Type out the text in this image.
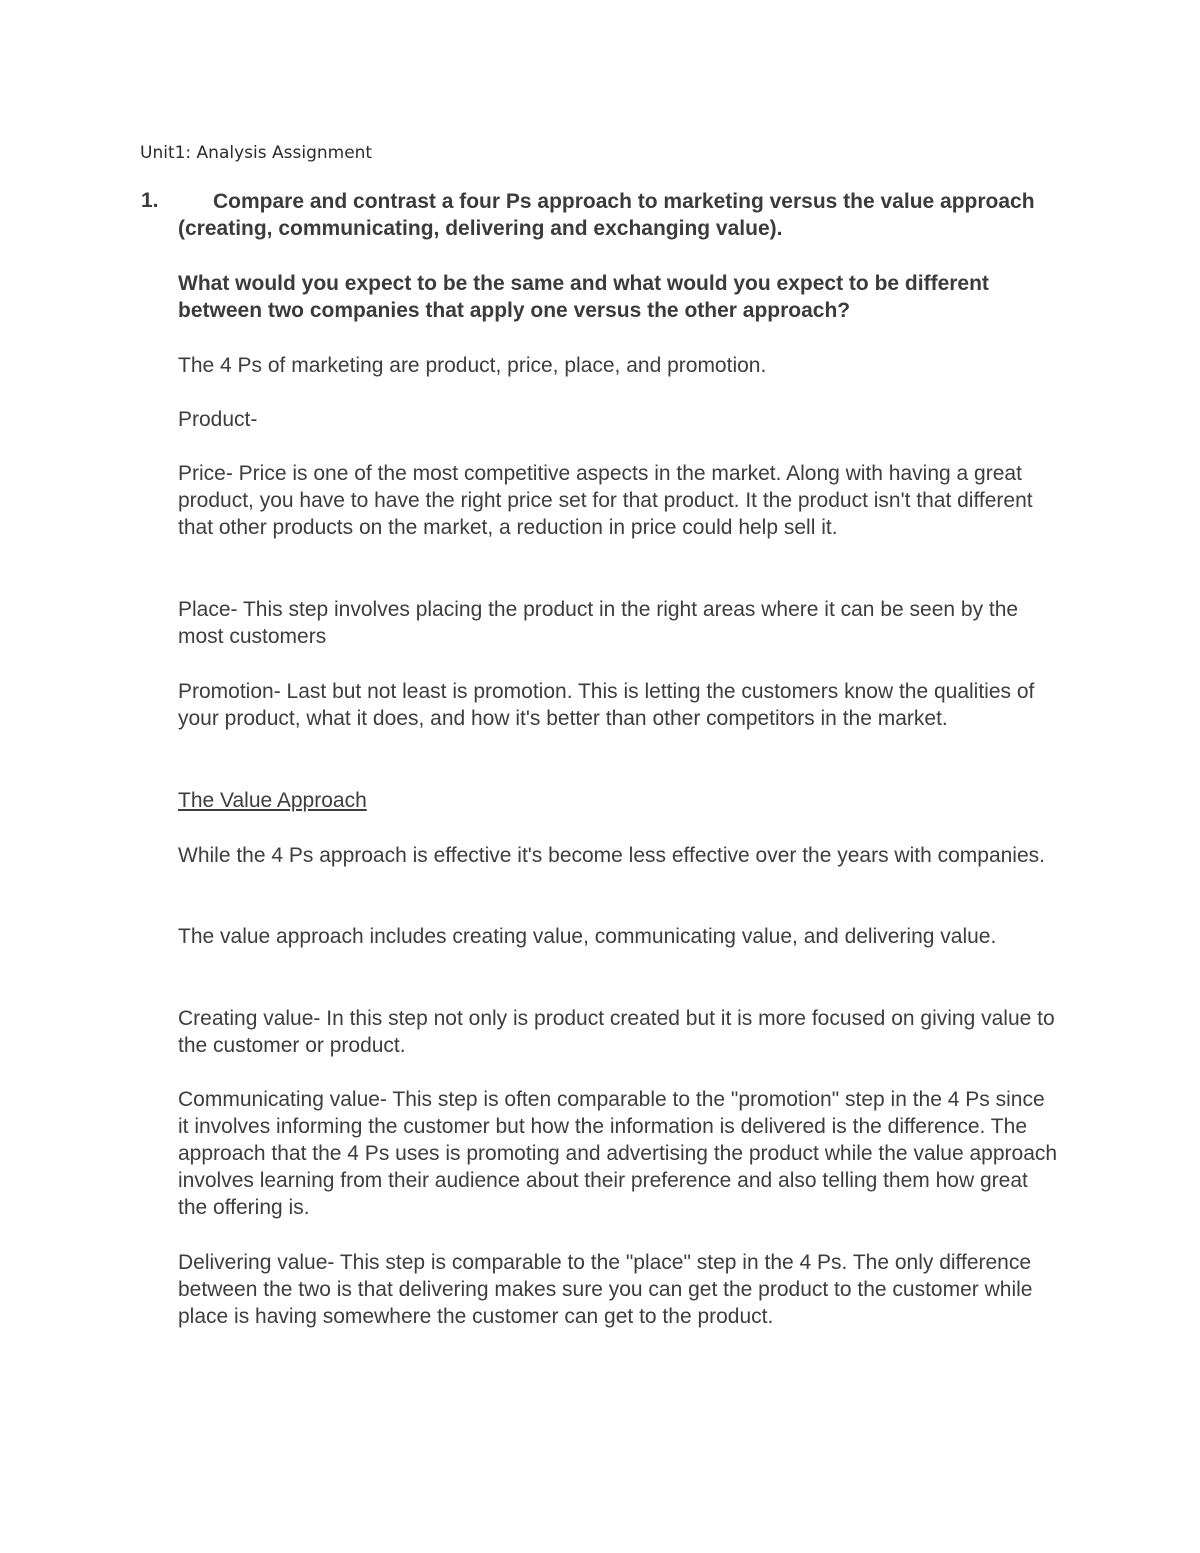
Unit1: Analysis Assignment
1.	Compare and contrast a four Ps approach to marketing versus the value approach (creating, communicating, delivering and exchanging value).
What would you expect to be the same and what would you expect to be different between two companies that apply one versus the other approach?
The 4 Ps of marketing are product, price, place, and promotion.
Product-
Price- Price is one of the most competitive aspects in the market. Along with having a great product, you have to have the right price set for that product. It the product isn't that different that other products on the market, a reduction in price could help sell it.
Place- This step involves placing the product in the right areas where it can be seen by the most customers
Promotion- Last but not least is promotion. This is letting the customers know the qualities of your product, what it does, and how it's better than other competitors in the market.
The Value Approach
While the 4 Ps approach is effective it's become less effective over the years with companies.
The value approach includes creating value, communicating value, and delivering value.
Creating value- In this step not only is product created but it is more focused on giving value to the customer or product.
Communicating value- This step is often comparable to the "promotion" step in the 4 Ps since it involves informing the customer but how the information is delivered is the difference. The approach that the 4 Ps uses is promoting and advertising the product while the value approach involves learning from their audience about their preference and also telling them how great the offering is.
Delivering value- This step is comparable to the "place" step in the 4 Ps. The only difference between the two is that delivering makes sure you can get the product to the customer while place is having somewhere the customer can get to the product.
